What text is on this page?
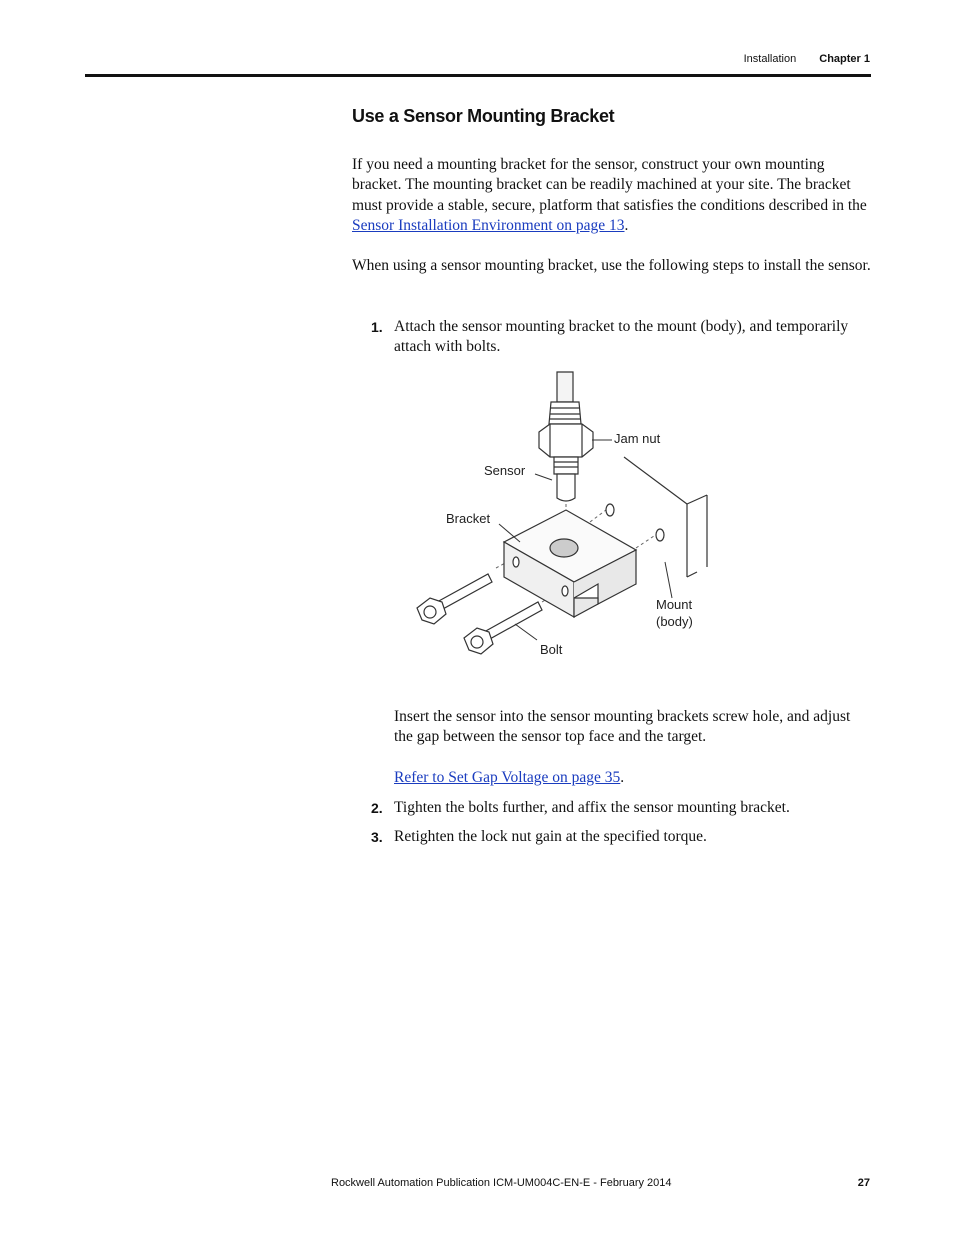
Installation Chapter 1
Use a Sensor Mounting Bracket

If you need a mounting bracket for the sensor, construct your own mounting bracket. The mounting bracket can be readily machined at your site. The bracket must provide a stable, secure, platform that satisfies the conditions described in the Sensor Installation Environment on page 13.

When using a sensor mounting bracket, use the following steps to install the sensor.

1. Attach the sensor mounting bracket to the mount (body), and temporarily attach with bolts.
Jam nut
Sensor
Bracket
Mount
(body)
Bolt

Insert the sensor into the sensor mounting brackets screw hole, and adjust the gap between the sensor top face and the target.

Refer to Set Gap Voltage on page 35.

2. Tighten the bolts further, and affix the sensor mounting bracket.
3. Retighten the lock nut gain at the specified torque.
Rockwell Automation Publication ICM-UM004C-EN-E - February 2014	27
